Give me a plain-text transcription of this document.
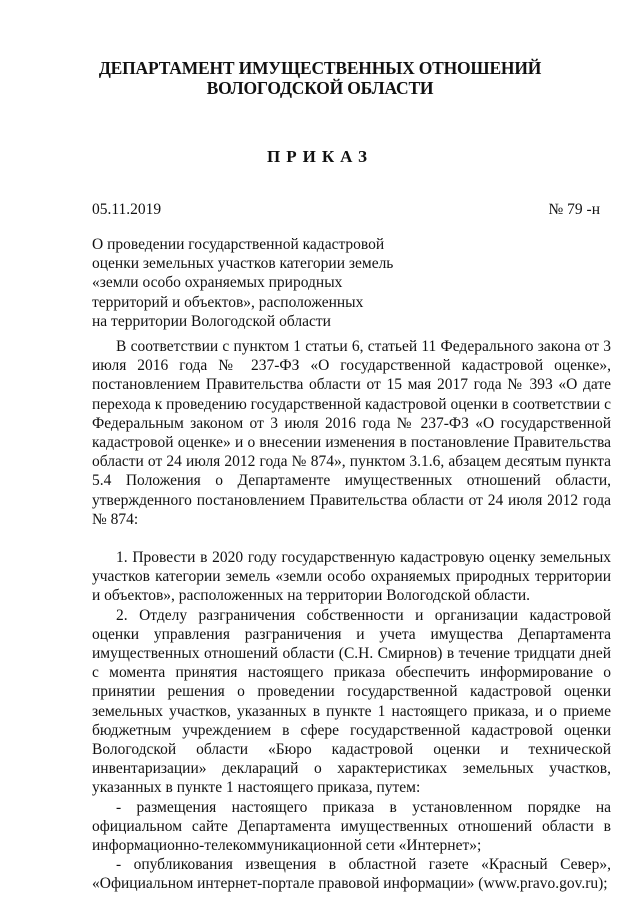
ДЕПАРТАМЕНТ ИМУЩЕСТВЕННЫХ ОТНОШЕНИЙ
ВОЛОГОДСКОЙ ОБЛАСТИ
ПРИКАЗ
05.11.2019	№ 79 -н
О проведении государственной кадастровой
оценки земельных участков категории земель
«земли особо охраняемых природных
территорий и объектов», расположенных
на территории Вологодской области

В соответствии с пунктом 1 статьи 6, статьей 11 Федерального закона от 3 июля 2016 года № 237-ФЗ «О государственной кадастровой оценке», постановлением Правительства области от 15 мая 2017 года № 393 «О дате перехода к проведению государственной кадастровой оценки в соответствии с Федеральным законом от 3 июля 2016 года № 237-ФЗ «О государственной кадастровой оценке» и о внесении изменения в постановление Правительства области от 24 июля 2012 года № 874», пунктом 3.1.6, абзацем десятым пункта 5.4 Положения о Департаменте имущественных отношений области, утвержденного постановлением Правительства области от 24 июля 2012 года № 874:

1. Провести в 2020 году государственную кадастровую оценку земельных участков категории земель «земли особо охраняемых природных территории и объектов», расположенных на территории Вологодской области.

2. Отделу разграничения собственности и организации кадастровой оценки управления разграничения и учета имущества Департамента имущественных отношений области (С.Н. Смирнов) в течение тридцати дней с момента принятия настоящего приказа обеспечить информирование о принятии решения о проведении государственной кадастровой оценки земельных участков, указанных в пункте 1 настоящего приказа, и о приеме бюджетным учреждением в сфере государственной кадастровой оценки Вологодской области «Бюро кадастровой оценки и технической инвентаризации» деклараций о характеристиках земельных участков, указанных в пункте 1 настоящего приказа, путем:

- размещения настоящего приказа в установленном порядке на официальном сайте Департамента имущественных отношений области в информационно-телекоммуникационной сети «Интернет»;

- опубликования извещения в областной газете «Красный Север», «Официальном интернет-портале правовой информации» (www.pravo.gov.ru);
